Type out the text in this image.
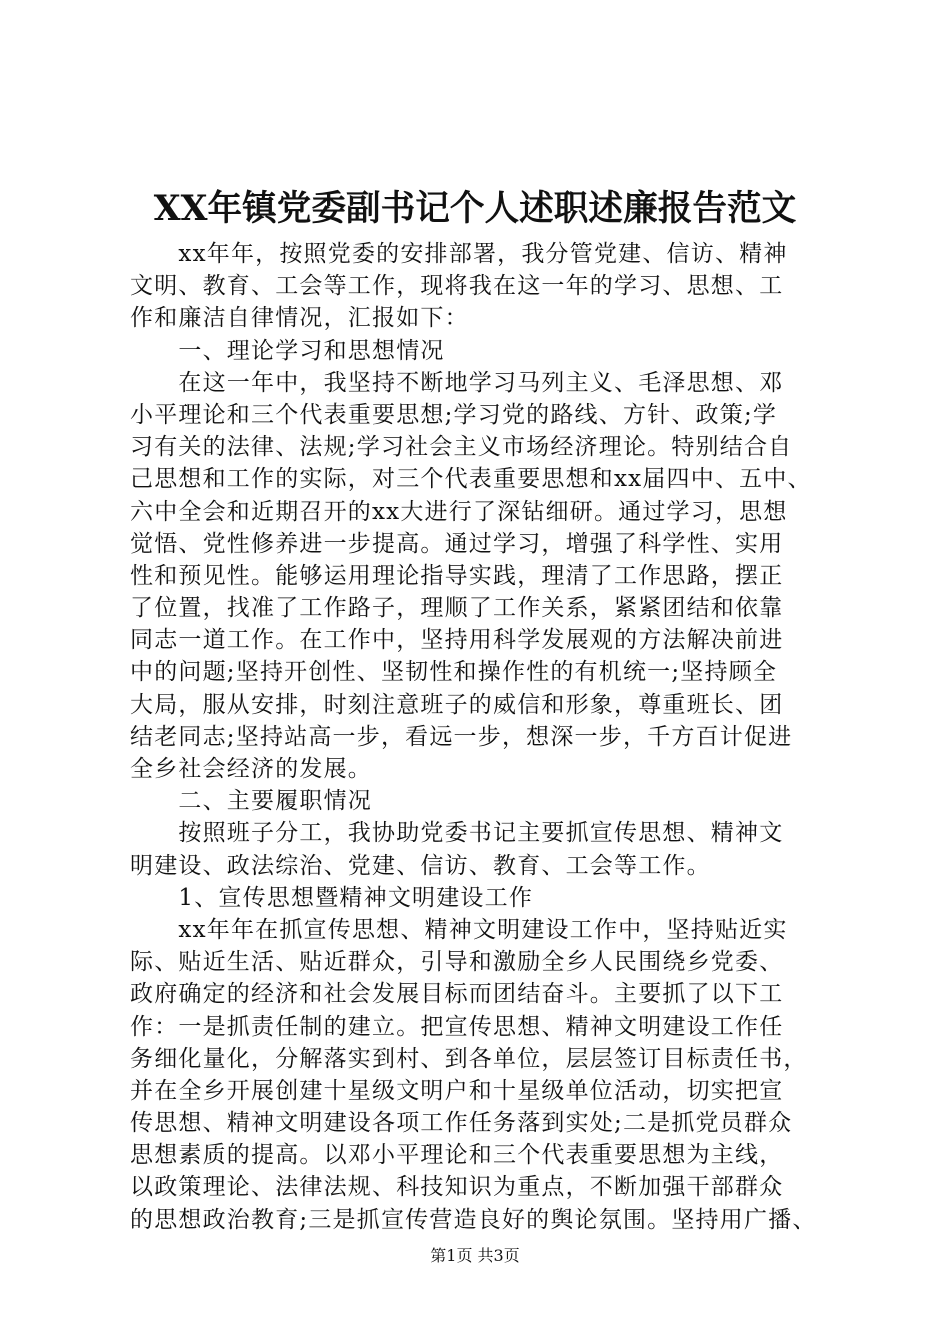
XX年镇党委副书记个人述职述廉报告范文
　　xx年年，按照党委的安排部署，我分管党建、信访、精神
文明、教育、工会等工作，现将我在这一年的学习、思想、工
作和廉洁自律情况，汇报如下：
　　一、理论学习和思想情况
　　在这一年中，我坚持不断地学习马列主义、毛泽思想、邓
小平理论和三个代表重要思想;学习党的路线、方针、政策;学
习有关的法律、法规;学习社会主义市场经济理论。特别结合自
己思想和工作的实际，对三个代表重要思想和xx届四中、五中、
六中全会和近期召开的xx大进行了深钻细研。通过学习，思想
觉悟、党性修养进一步提高。通过学习，增强了科学性、实用
性和预见性。能够运用理论指导实践，理清了工作思路，摆正
了位置，找准了工作路子，理顺了工作关系，紧紧团结和依靠
同志一道工作。在工作中，坚持用科学发展观的方法解决前进
中的问题;坚持开创性、坚韧性和操作性的有机统一;坚持顾全
大局，服从安排，时刻注意班子的威信和形象，尊重班长、团
结老同志;坚持站高一步，看远一步，想深一步，千方百计促进
全乡社会经济的发展。
　　二、主要履职情况
　　按照班子分工，我协助党委书记主要抓宣传思想、精神文
明建设、政法综治、党建、信访、教育、工会等工作。
　　1、宣传思想暨精神文明建设工作
　　xx年年在抓宣传思想、精神文明建设工作中，坚持贴近实
际、贴近生活、贴近群众，引导和激励全乡人民围绕乡党委、
政府确定的经济和社会发展目标而团结奋斗。主要抓了以下工
作：一是抓责任制的建立。把宣传思想、精神文明建设工作任
务细化量化，分解落实到村、到各单位，层层签订目标责任书，
并在全乡开展创建十星级文明户和十星级单位活动，切实把宣
传思想、精神文明建设各项工作任务落到实处;二是抓党员群众
思想素质的提高。以邓小平理论和三个代表重要思想为主线，
以政策理论、法律法规、科技知识为重点，不断加强干部群众
的思想政治教育;三是抓宣传营造良好的舆论氛围。坚持用广播、
第1页 共3页
